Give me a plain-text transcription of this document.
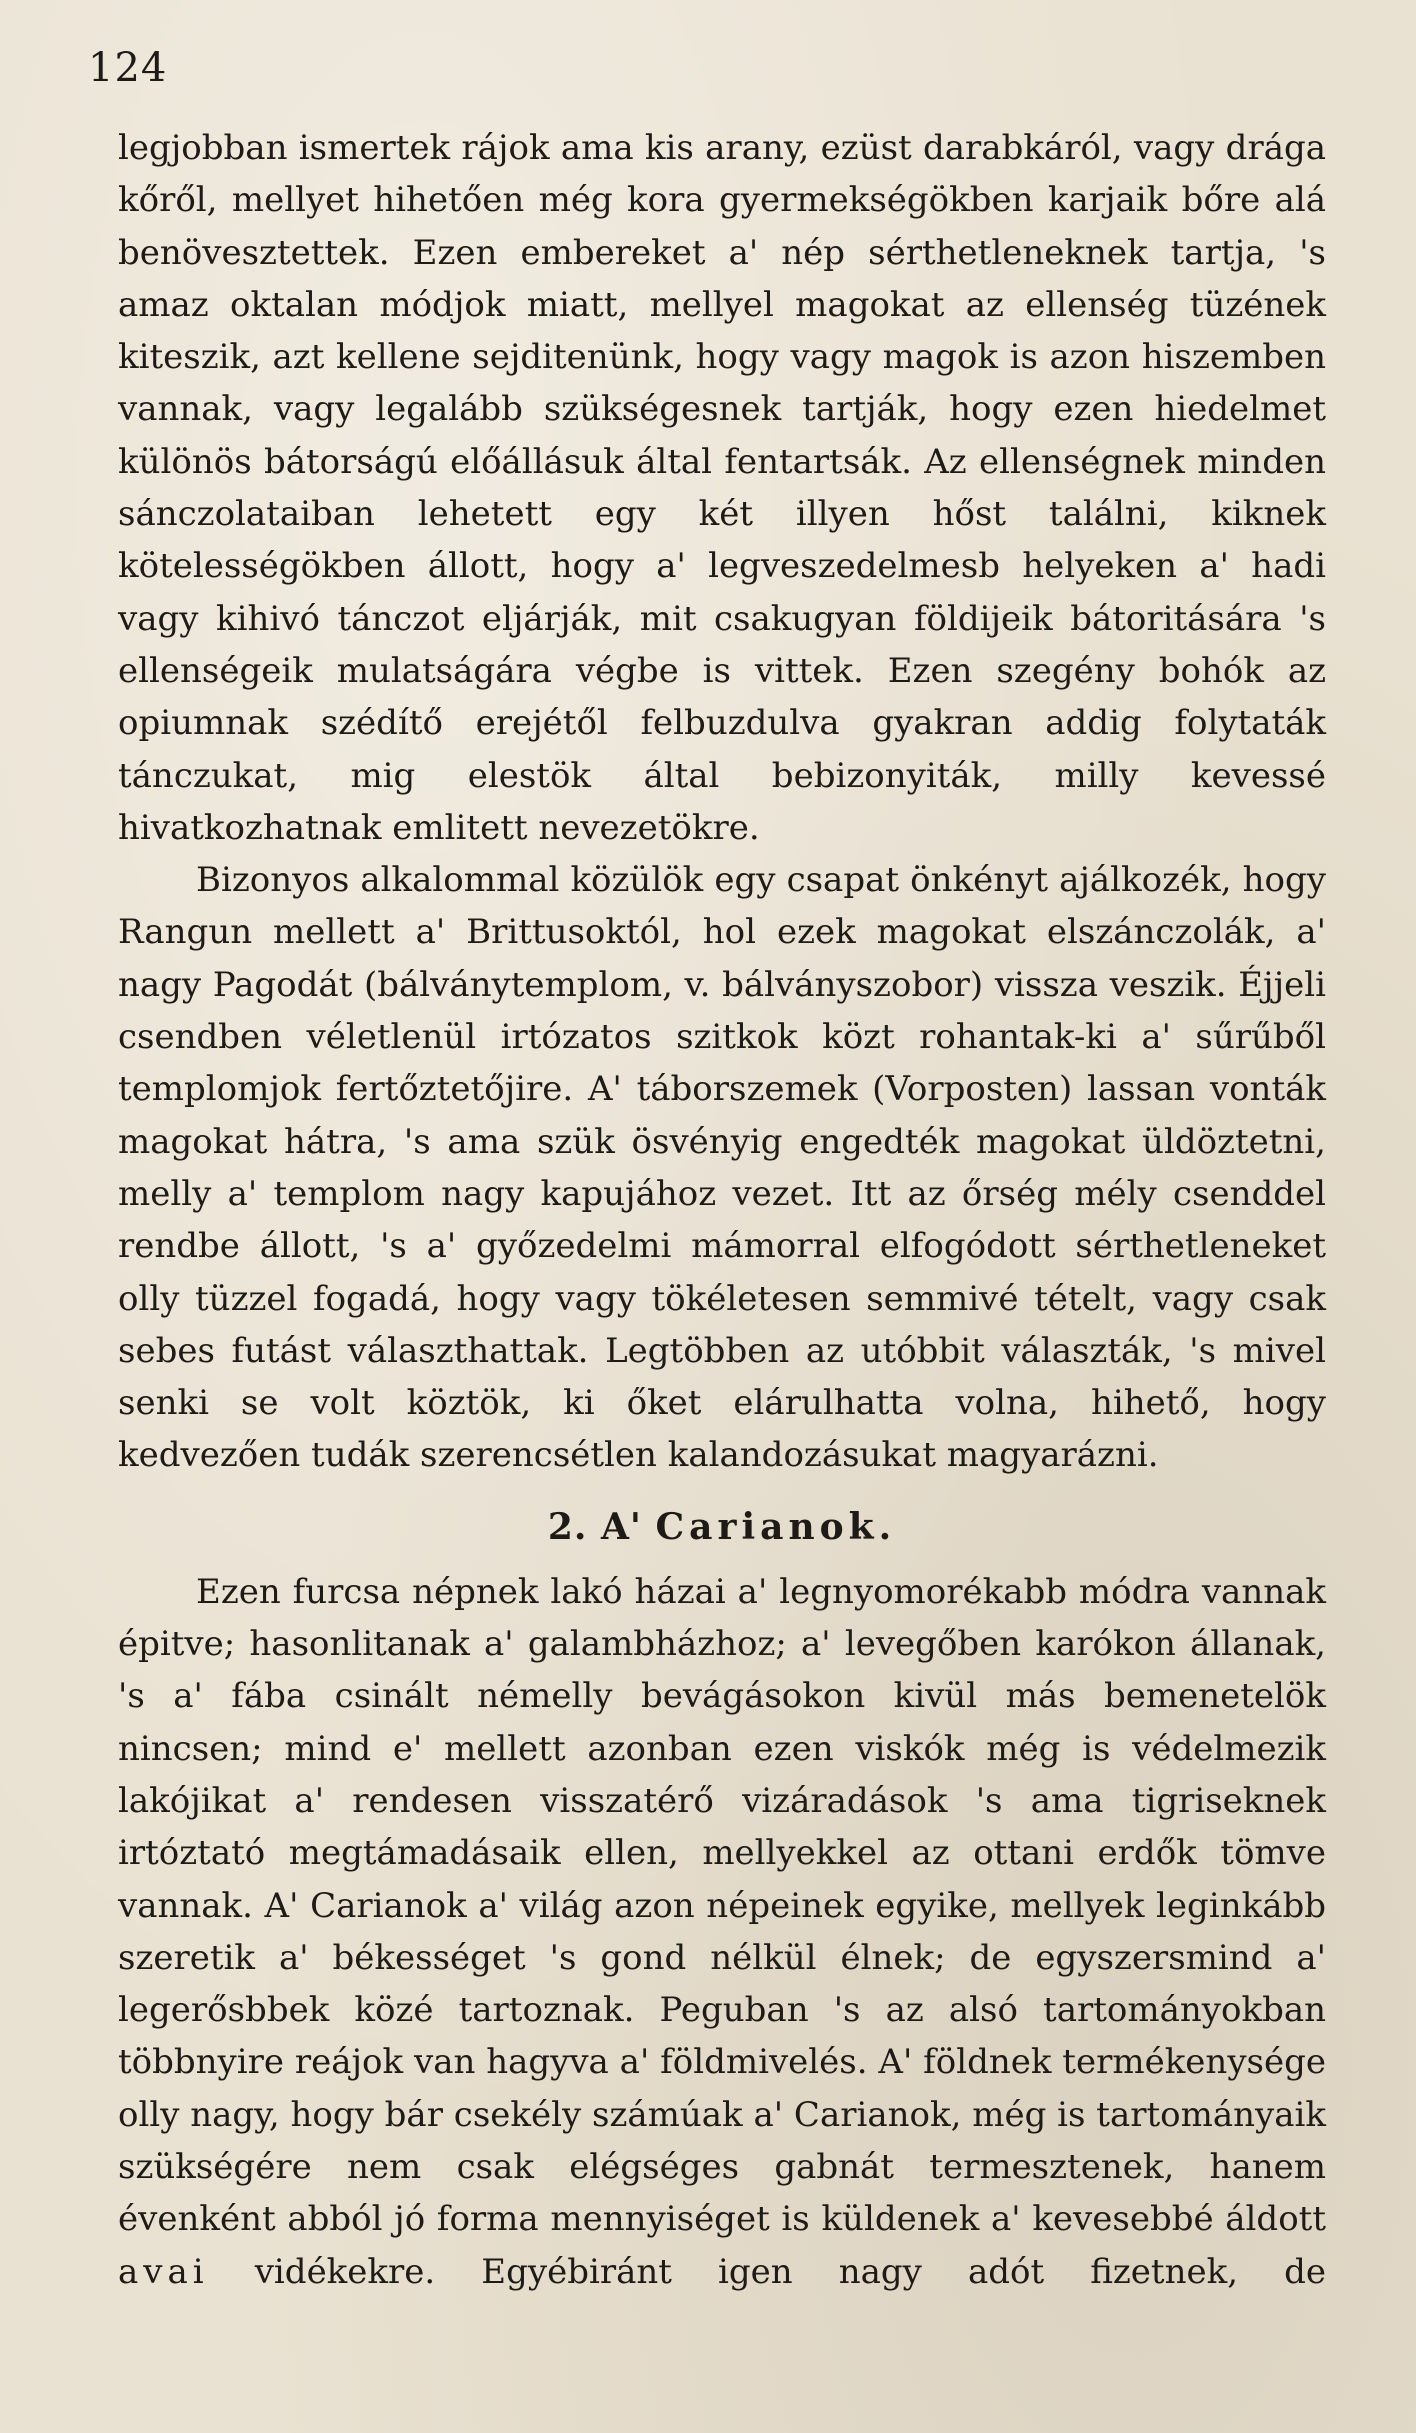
124

legjobban ismertek rájok ama kis arany, ezüst darabkáról, vagy drága kőről, mellyet hihetően még kora gyermekségökben karjaik bőre alá benövesztettek. Ezen embereket a' nép sérthetleneknek tartja, 's amaz oktalan módjok miatt, mellyel magokat az ellenség tüzének kiteszik, azt kellene sejditenünk, hogy vagy magok is azon hiszemben vannak, vagy legalább szükségesnek tartják, hogy ezen hiedelmet különös bátorságú előállásuk által fentartsák. Az ellenségnek minden sánczolataiban lehetett egy két illyen hőst találni, kiknek kötelességökben állott, hogy a' legveszedelmesb helyeken a' hadi vagy kihivó tánczot eljárják, mit csakugyan földijeik bátoritására 's ellenségeik mulatságára végbe is vittek. Ezen szegény bohók az opiumnak szédítő erejétől felbuzdulva gyakran addig folytaták tánczukat, mig elestök által bebizonyiták, milly kevessé hivatkozhatnak emlitett nevezetökre.

Bizonyos alkalommal közülök egy csapat önkényt ajálkozék, hogy Rangun mellett a' Brittusoktól, hol ezek magokat elszánczolák, a' nagy Pagodát (bálványtemplom, v. bálványszobor) vissza veszik. Éjjeli csendben véletlenül irtózatos szitkok közt rohantak-ki a' sűrűből templomjok fertőztetőjire. A' táborszemek (Vorposten) lassan vonták magokat hátra, 's ama szük ösvényig engedték magokat üldöztetni, melly a' templom nagy kapujához vezet. Itt az őrség mély csenddel rendbe állott, 's a' győzedelmi mámorral elfogódott sérthetleneket olly tüzzel fogadá, hogy vagy tökéletesen semmivé tételt, vagy csak sebes futást választhattak. Legtöbben az utóbbit választák, 's mivel senki se volt köztök, ki őket elárulhatta volna, hihető, hogy kedvezően tudák szerencsétlen kalandozásukat magyarázni.

2. A' Carianok.

Ezen furcsa népnek lakó házai a' legnyomorékabb módra vannak épitve; hasonlitanak a' galambházhoz; a' levegőben karókon állanak, 's a' fába csinált némelly bevágásokon kivül más bemenetelök nincsen; mind e' mellett azonban ezen viskók még is védelmezik lakójikat a' rendesen visszatérő vizáradások 's ama tigriseknek irtóztató megtámadásaik ellen, mellyekkel az ottani erdők tömve vannak. A' Carianok a' világ azon népeinek egyike, mellyek leginkább szeretik a' békességet 's gond nélkül élnek; de egyszersmind a' legerősbbek közé tartoznak. Peguban 's az alsó tartományokban többnyire reájok van hagyva a' földmivelés. A' földnek termékenysége olly nagy, hogy bár csekély számúak a' Carianok, még is tartományaik szükségére nem csak elégséges gabnát termesztenek, hanem évenként abból jó forma mennyiséget is küldenek a' kevesebbé áldott avai vidékekre. Egyébiránt igen nagy adót fizetnek, de
